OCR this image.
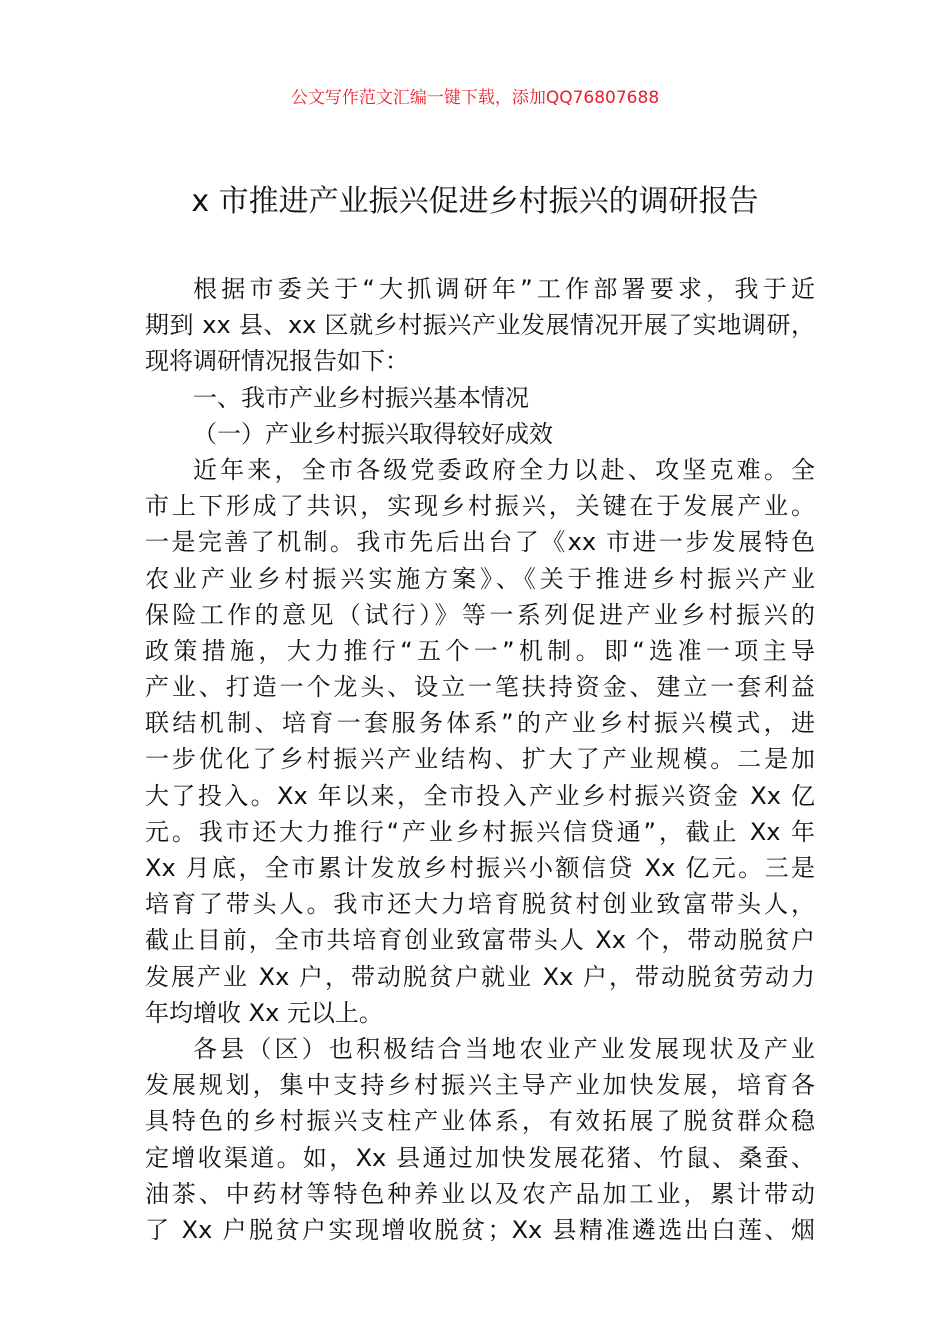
公文写作范文汇编一键下载，添加QQ76807688
x 市推进产业振兴促进乡村振兴的调研报告
根据市委关于“大抓调研年”工作部署要求，我于近
期到 xx 县、xx 区就乡村振兴产业发展情况开展了实地调研，
现将调研情况报告如下：
一、我市产业乡村振兴基本情况
（一）产业乡村振兴取得较好成效
近年来，全市各级党委政府全力以赴、攻坚克难。全
市上下形成了共识，实现乡村振兴，关键在于发展产业。
一是完善了机制。我市先后出台了《xx 市进一步发展特色
农业产业乡村振兴实施方案》、《关于推进乡村振兴产业
保险工作的意见（试行）》等一系列促进产业乡村振兴的
政策措施，大力推行“五个一”机制。即“选准一项主导
产业、打造一个龙头、设立一笔扶持资金、建立一套利益
联结机制、培育一套服务体系”的产业乡村振兴模式，进
一步优化了乡村振兴产业结构、扩大了产业规模。二是加
大了投入。Xx 年以来，全市投入产业乡村振兴资金 Xx 亿
元。我市还大力推行“产业乡村振兴信贷通”，截止 Xx 年
Xx 月底，全市累计发放乡村振兴小额信贷 Xx 亿元。三是
培育了带头人。我市还大力培育脱贫村创业致富带头人，
截止目前，全市共培育创业致富带头人 Xx 个，带动脱贫户
发展产业 Xx 户，带动脱贫户就业 Xx 户，带动脱贫劳动力
年均增收 Xx 元以上。
各县（区）也积极结合当地农业产业发展现状及产业
发展规划，集中支持乡村振兴主导产业加快发展，培育各
具特色的乡村振兴支柱产业体系，有效拓展了脱贫群众稳
定增收渠道。如，Xx 县通过加快发展花猪、竹鼠、桑蚕、
油茶、中药材等特色种养业以及农产品加工业，累计带动
了 Xx 户脱贫户实现增收脱贫；Xx 县精准遴选出白莲、烟
